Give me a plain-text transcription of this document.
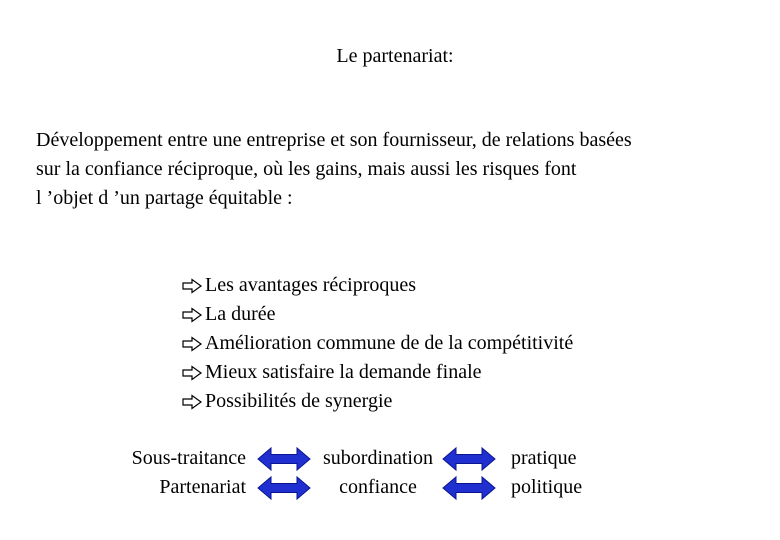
Le partenariat:
Développement entre une entreprise et son fournisseur, de relations basées
sur la confiance réciproque, où les gains, mais aussi les risques font
l ’objet d ’un partage équitable :
Les avantages réciproques
La durée
Amélioration commune de de la compétitivité
Mieux satisfaire la demande finale
Possibilités de synergie
Sous-traitance
Partenariat
subordination
confiance
pratique
politique
